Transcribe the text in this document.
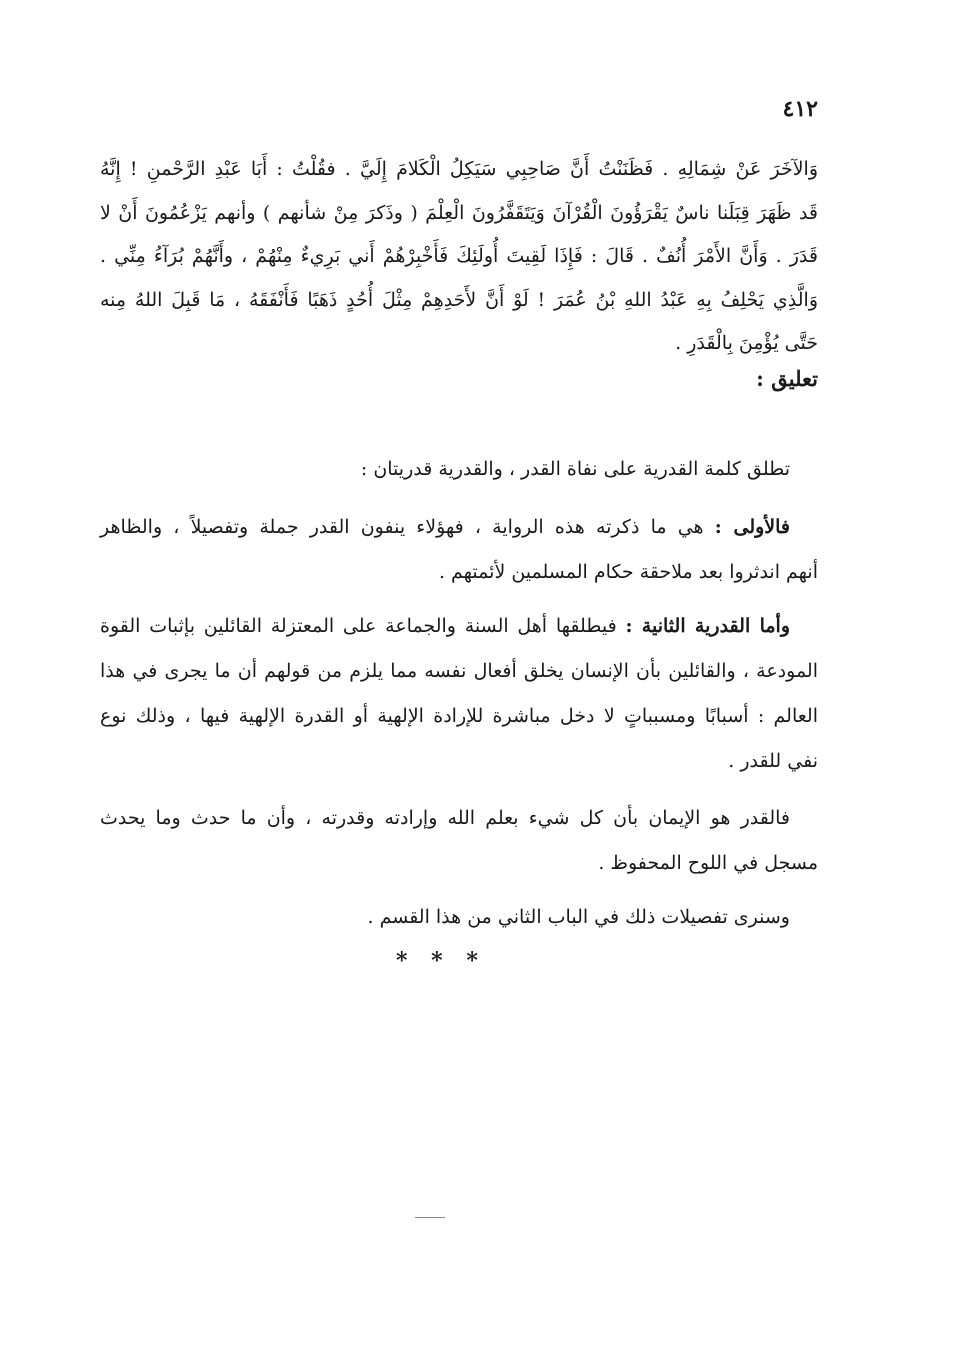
٤١٢
وَالآخَرَ عَنْ شِمَالِهِ . فَظَنَنْتُ أَنَّ صَاحِبِي سَيَكِلُ الْكَلامَ إِلَيَّ . فقُلْتُ : أَبَا عَبْدِ الرَّحْمنِ ! إِنَّهُ
قَد ظَهَرَ قِبَلَنا ناسٌ يَقْرَؤُونَ الْقُرْآنَ وَيَتَقَفَّرُونَ الْعِلْمَ ( وذَكرَ مِنْ شأنهم ) وأنهم يَزْعُمُونَ أَنْ لا
قَدَرَ . وَأَنَّ الأَمْرَ أُنُفٌ . قَالَ : فَإِذَا لَقِيتَ أُولَئِكَ فَأَخْبِرْهُمْ أَني بَرِيءٌ مِنْهُمْ ، وأَنَّهُمْ بُرَآءُ مِنِّي .
وَالَّذِي يَحْلِفُ بِهِ عَبْدُ اللهِ بْنُ عُمَرَ ! لَوْ أَنَّ لأَحَدِهِمْ مِثْلَ أُحُدٍ ذَهَبًا فَأَنْفَقَهُ ، مَا قَبِلَ اللهُ مِنه
حَتَّى يُؤْمِنَ بِالْقَدَرِ .
تعليق :
تطلق كلمة القدرية على نفاة القدر ، والقدرية قدريتان :
فالأولى : هي ما ذكرته هذه الرواية ، فهؤلاء ينفون القدر جملة وتفصيلاً ، والظاهر
أنهم اندثروا بعد ملاحقة حكام المسلمين لأئمتهم .
وأما القدرية الثانية : فيطلقها أهل السنة والجماعة على المعتزلة القائلين بإثبات القوة
المودعة ، والقائلين بأن الإنسان يخلق أفعال نفسه مما يلزم من قولهم أن ما يجرى في هذا
العالم : أسبابًا ومسبباتٍ لا دخل مباشرة للإرادة الإلهية أو القدرة الإلهية فيها ، وذلك نوع
نفي للقدر .
فالقدر هو الإيمان بأن كل شيء بعلم الله وإرادته وقدرته ، وأن ما حدث وما يحدث
مسجل في اللوح المحفوظ .
وسنرى تفصيلات ذلك في الباب الثاني من هذا القسم .
* * *
